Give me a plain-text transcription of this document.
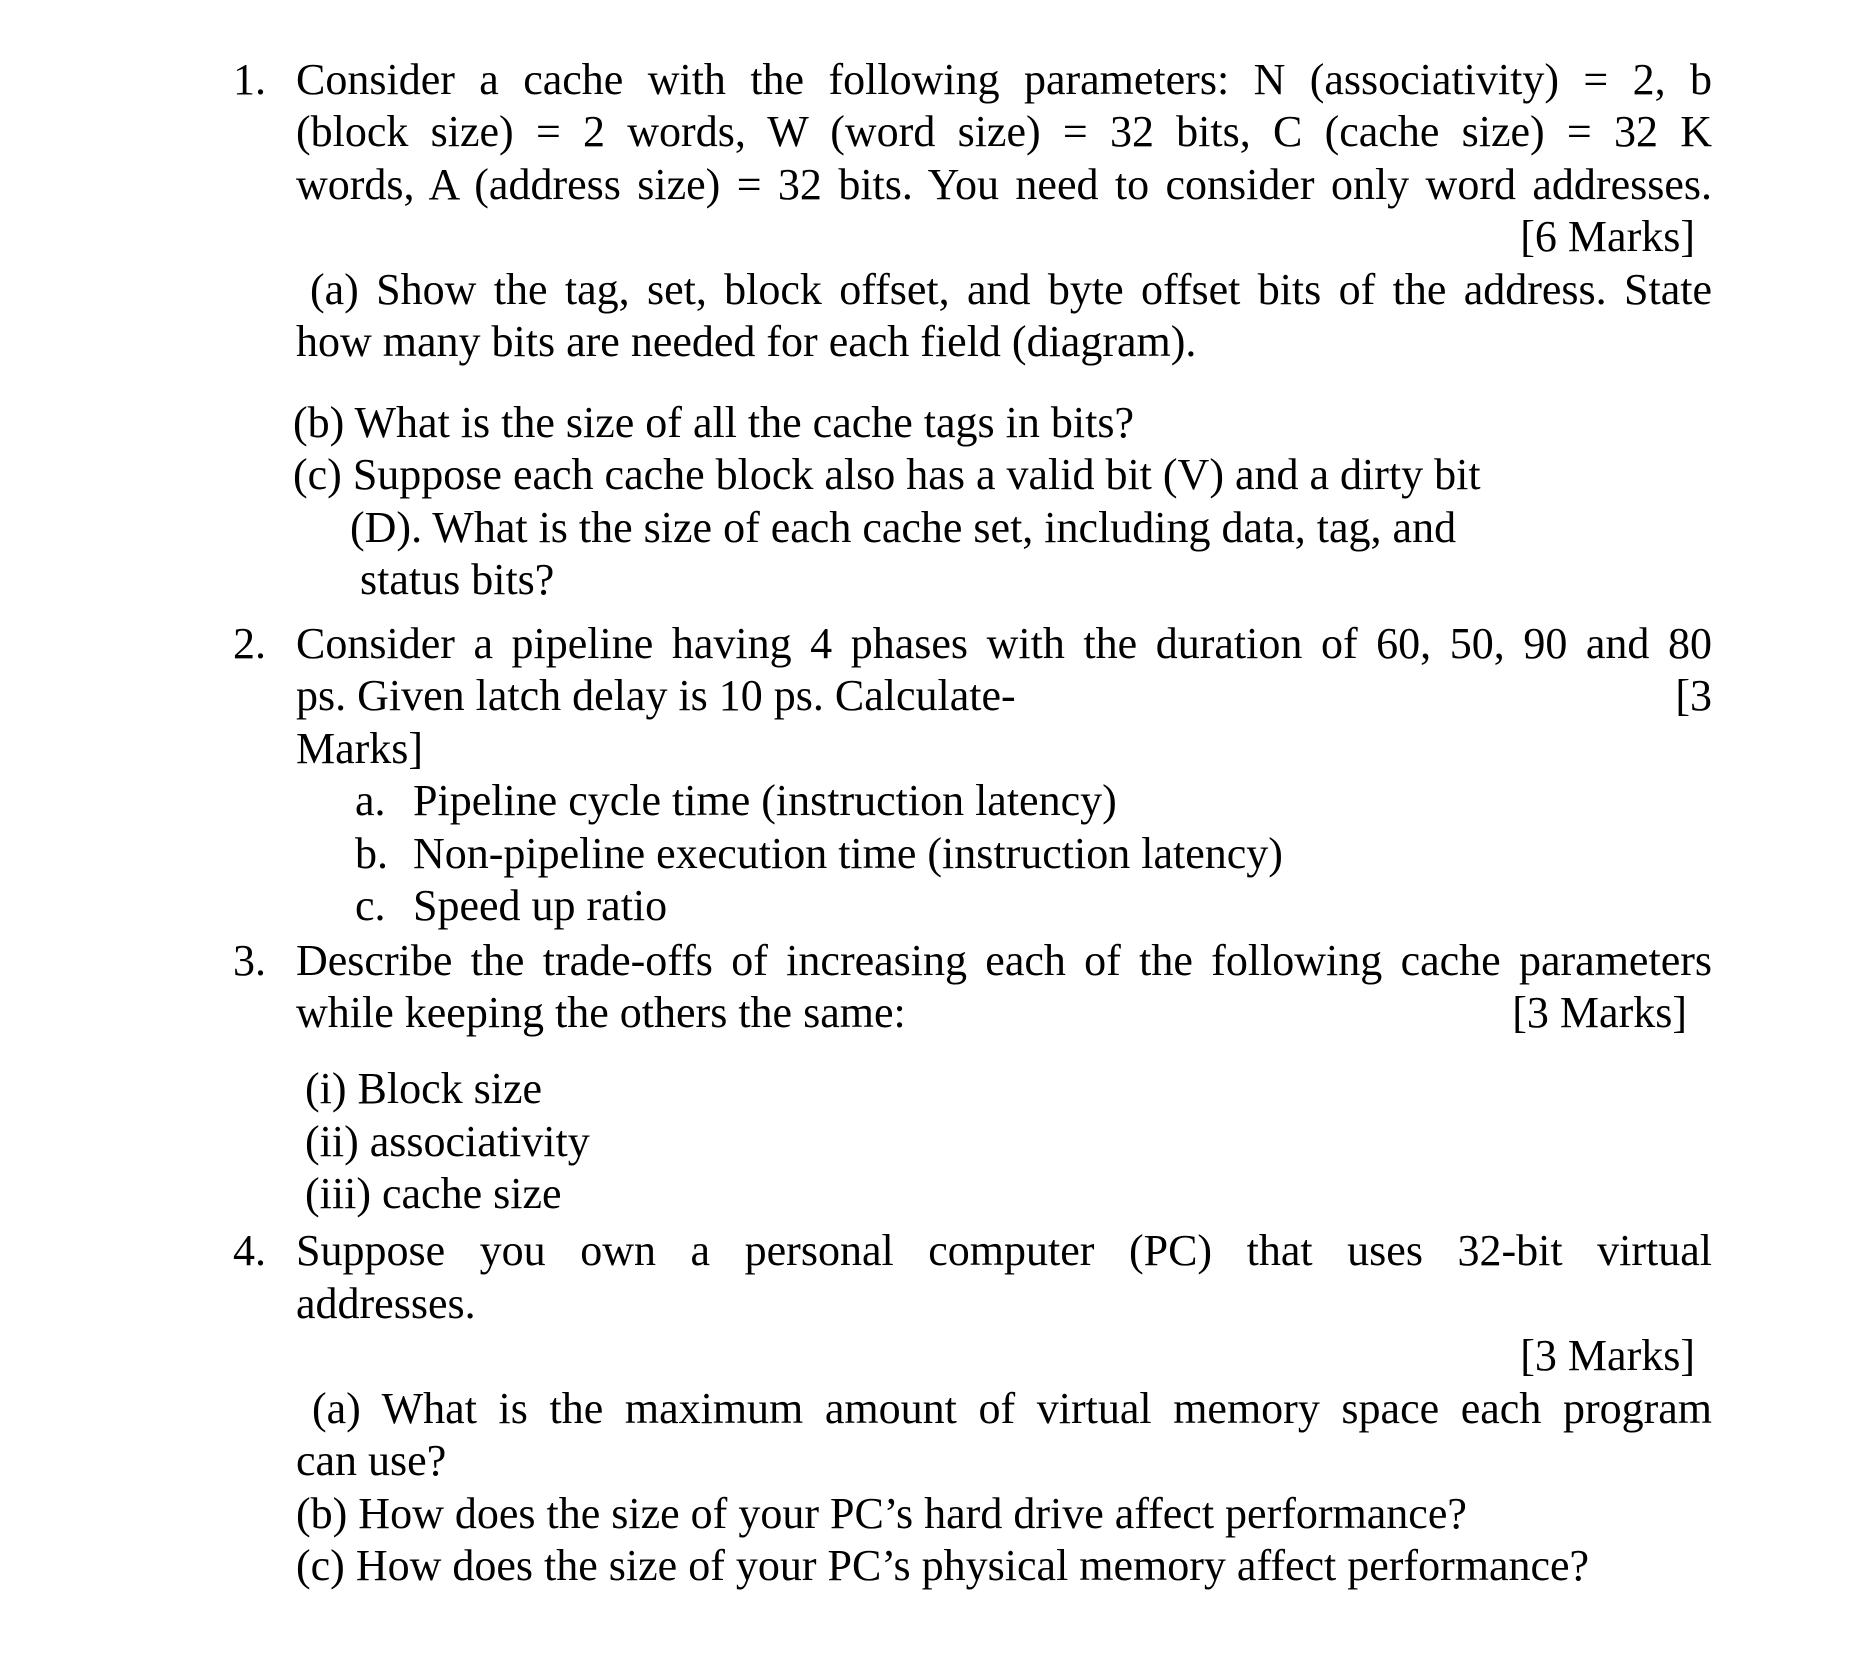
1. Consider a cache with the following parameters: N (associativity) = 2, b
(block size) = 2 words, W (word size) = 32 bits, C (cache size) = 32 K
words, A (address size) = 32 bits. You need to consider only word addresses.
[6 Marks]
(a) Show the tag, set, block offset, and byte offset bits of the address. State
how many bits are needed for each field (diagram).
(b) What is the size of all the cache tags in bits?
(c) Suppose each cache block also has a valid bit (V) and a dirty bit
(D). What is the size of each cache set, including data, tag, and
status bits?
2. Consider a pipeline having 4 phases with the duration of 60, 50, 90 and 80
ps. Given latch delay is 10 ps. Calculate-	[3
Marks]
a. Pipeline cycle time (instruction latency)
b. Non-pipeline execution time (instruction latency)
c. Speed up ratio
3. Describe the trade-offs of increasing each of the following cache parameters
while keeping the others the same:	[3 Marks]
(i) Block size
(ii) associativity
(iii) cache size
4. Suppose you own a personal computer (PC) that uses 32-bit virtual
addresses.
[3 Marks]
(a) What is the maximum amount of virtual memory space each program
can use?
(b) How does the size of your PC’s hard drive affect performance?
(c) How does the size of your PC’s physical memory affect performance?
